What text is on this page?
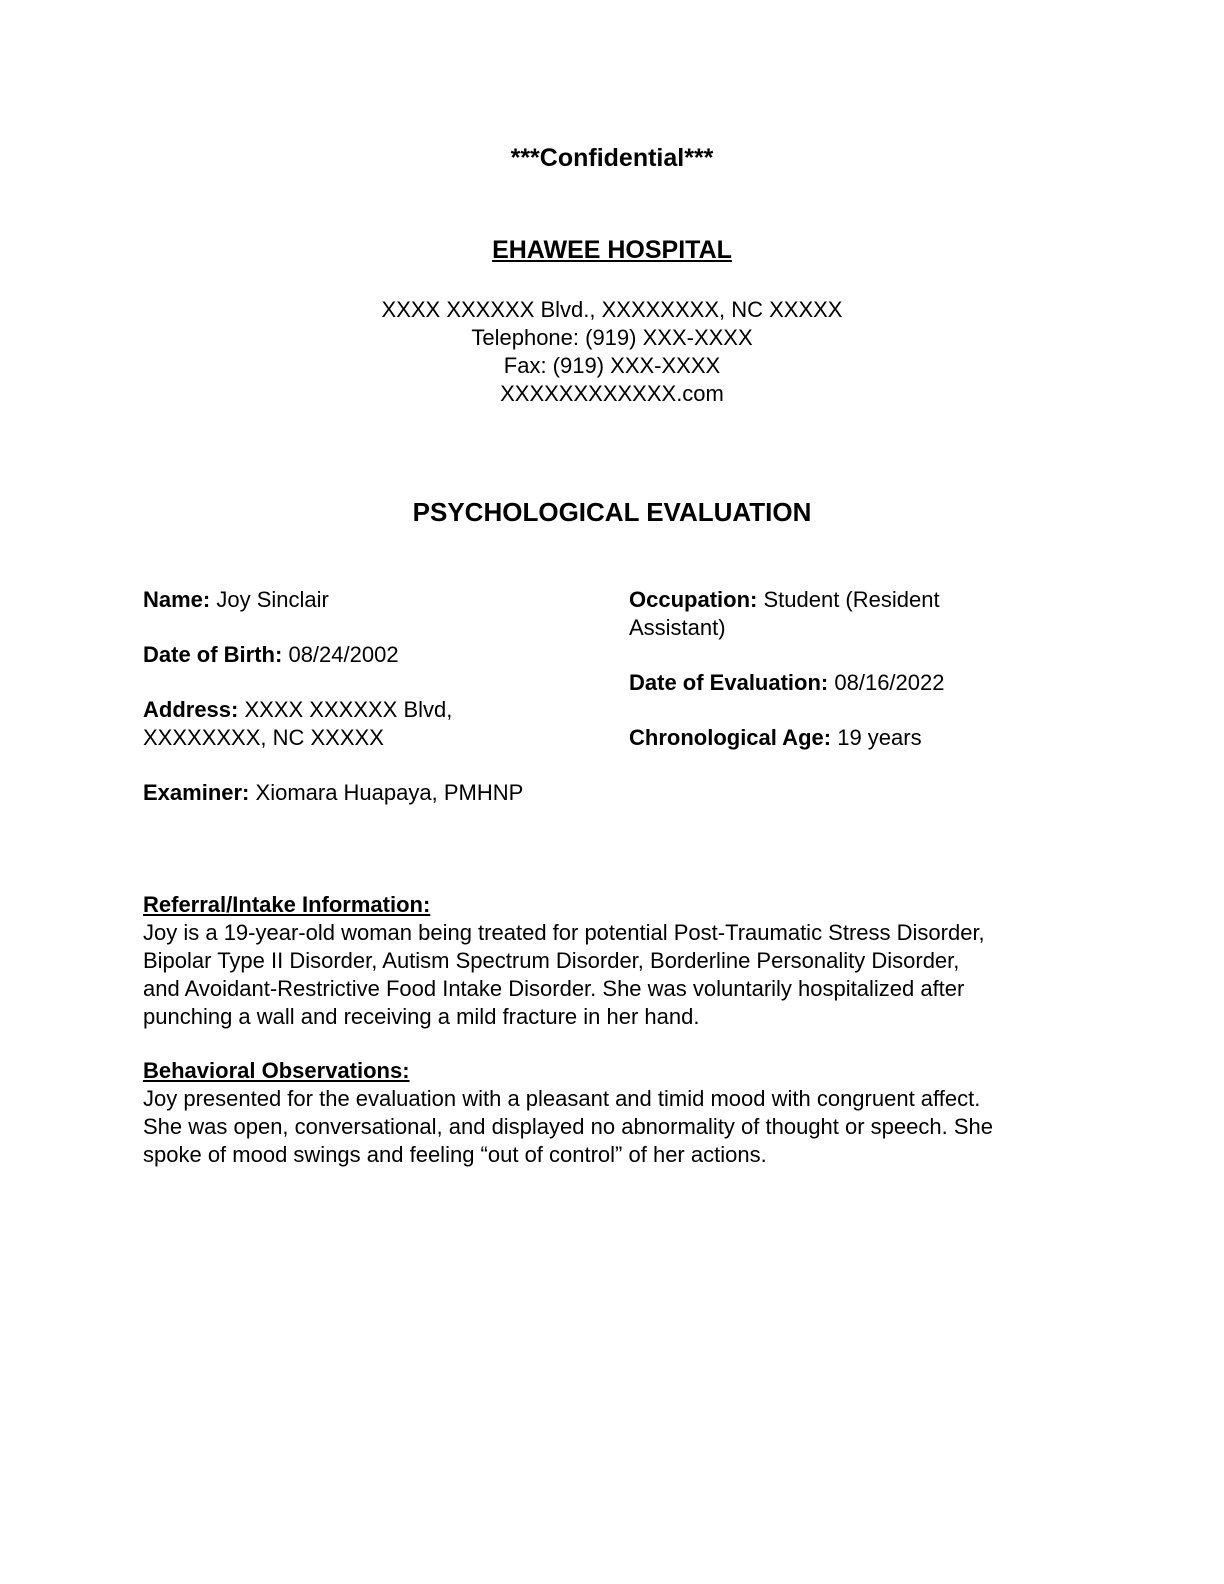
***Confidential***
EHAWEE HOSPITAL
XXXX XXXXXX Blvd., XXXXXXXX, NC XXXXX
Telephone: (919) XXX-XXXX
Fax: (919) XXX-XXXX
XXXXXXXXXXXX.com
PSYCHOLOGICAL EVALUATION

Name: Joy Sinclair

Date of Birth: 08/24/2002

Address: XXXX XXXXXX Blvd,
XXXXXXXX, NC XXXXX

Examiner: Xiomara Huapaya, PMHNP

Occupation: Student (Resident
Assistant)

Date of Evaluation: 08/16/2022

Chronological Age: 19 years

Referral/Intake Information:
Joy is a 19-year-old woman being treated for potential Post-Traumatic Stress Disorder,
Bipolar Type II Disorder, Autism Spectrum Disorder, Borderline Personality Disorder,
and Avoidant-Restrictive Food Intake Disorder. She was voluntarily hospitalized after
punching a wall and receiving a mild fracture in her hand.
Behavioral Observations:
Joy presented for the evaluation with a pleasant and timid mood with congruent affect.
She was open, conversational, and displayed no abnormality of thought or speech. She
spoke of mood swings and feeling “out of control” of her actions.
